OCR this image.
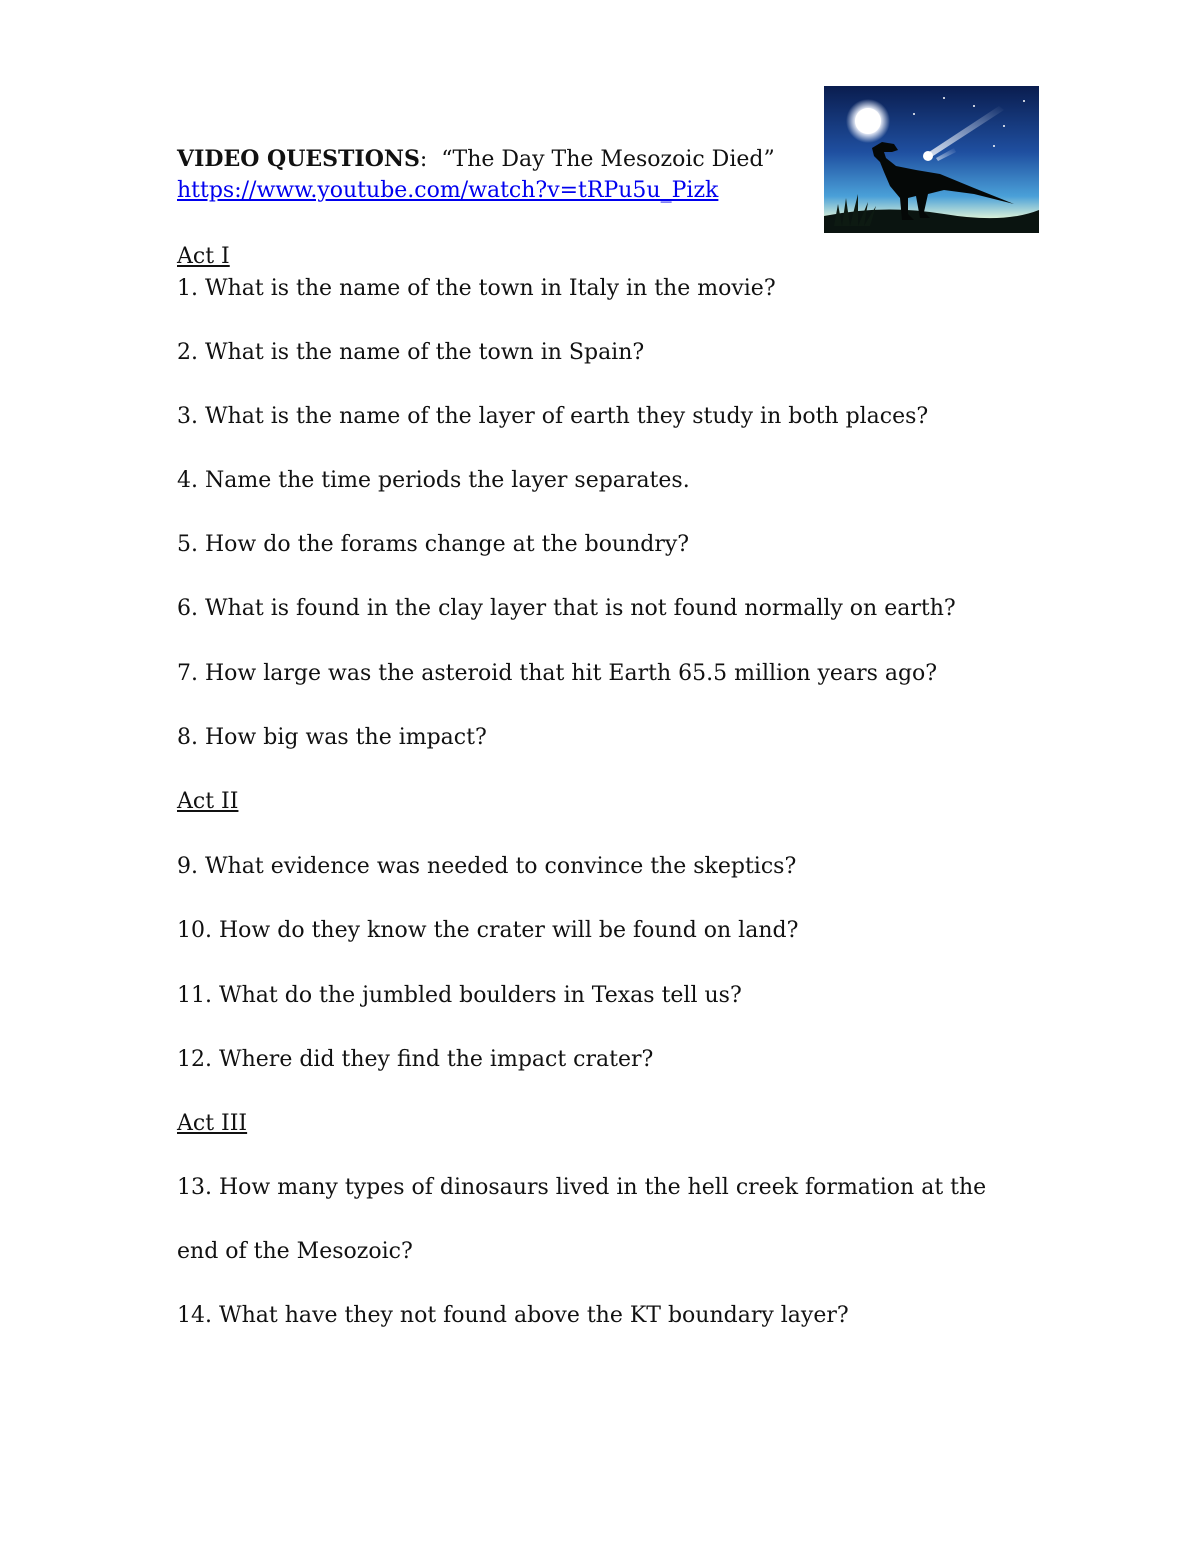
VIDEO QUESTIONS: “The Day The Mesozoic Died”
https://www.youtube.com/watch?v=tRPu5u_Pizk
Act I
1. What is the name of the town in Italy in the movie?
2. What is the name of the town in Spain?
3. What is the name of the layer of earth they study in both places?
4. Name the time periods the layer separates.
5. How do the forams change at the boundry?
6. What is found in the clay layer that is not found normally on earth?
7. How large was the asteroid that hit Earth 65.5 million years ago?
8. How big was the impact?
Act II
9. What evidence was needed to convince the skeptics?
10. How do they know the crater will be found on land?
11. What do the jumbled boulders in Texas tell us?
12. Where did they find the impact crater?
Act III
13. How many types of dinosaurs lived in the hell creek formation at the
end of the Mesozoic?
14. What have they not found above the KT boundary layer?
